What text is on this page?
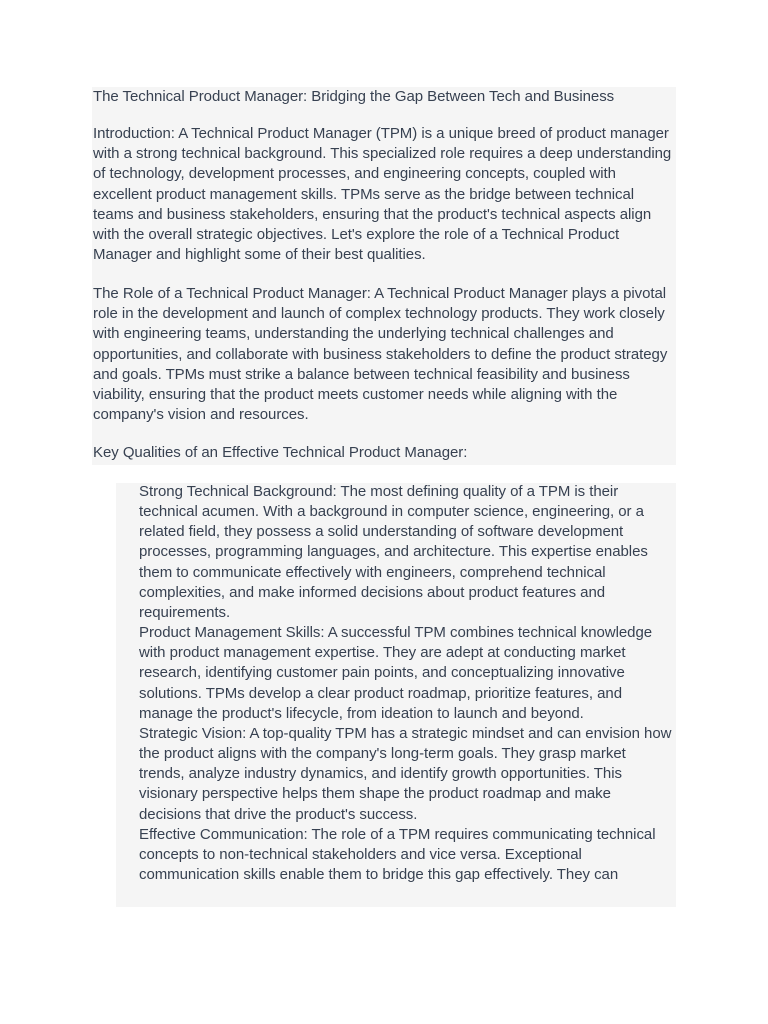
The Technical Product Manager: Bridging the Gap Between Tech and Business

Introduction: A Technical Product Manager (TPM) is a unique breed of product manager with a strong technical background. This specialized role requires a deep understanding of technology, development processes, and engineering concepts, coupled with excellent product management skills. TPMs serve as the bridge between technical teams and business stakeholders, ensuring that the product's technical aspects align with the overall strategic objectives. Let's explore the role of a Technical Product Manager and highlight some of their best qualities.

The Role of a Technical Product Manager: A Technical Product Manager plays a pivotal role in the development and launch of complex technology products. They work closely with engineering teams, understanding the underlying technical challenges and opportunities, and collaborate with business stakeholders to define the product strategy and goals. TPMs must strike a balance between technical feasibility and business viability, ensuring that the product meets customer needs while aligning with the company's vision and resources.

Key Qualities of an Effective Technical Product Manager:

Strong Technical Background: The most defining quality of a TPM is their technical acumen. With a background in computer science, engineering, or a related field, they possess a solid understanding of software development processes, programming languages, and architecture. This expertise enables them to communicate effectively with engineers, comprehend technical complexities, and make informed decisions about product features and requirements.
Product Management Skills: A successful TPM combines technical knowledge with product management expertise. They are adept at conducting market research, identifying customer pain points, and conceptualizing innovative solutions. TPMs develop a clear product roadmap, prioritize features, and manage the product's lifecycle, from ideation to launch and beyond.
Strategic Vision: A top-quality TPM has a strategic mindset and can envision how the product aligns with the company's long-term goals. They grasp market trends, analyze industry dynamics, and identify growth opportunities. This visionary perspective helps them shape the product roadmap and make decisions that drive the product's success.
Effective Communication: The role of a TPM requires communicating technical concepts to non-technical stakeholders and vice versa. Exceptional communication skills enable them to bridge this gap effectively. They can
